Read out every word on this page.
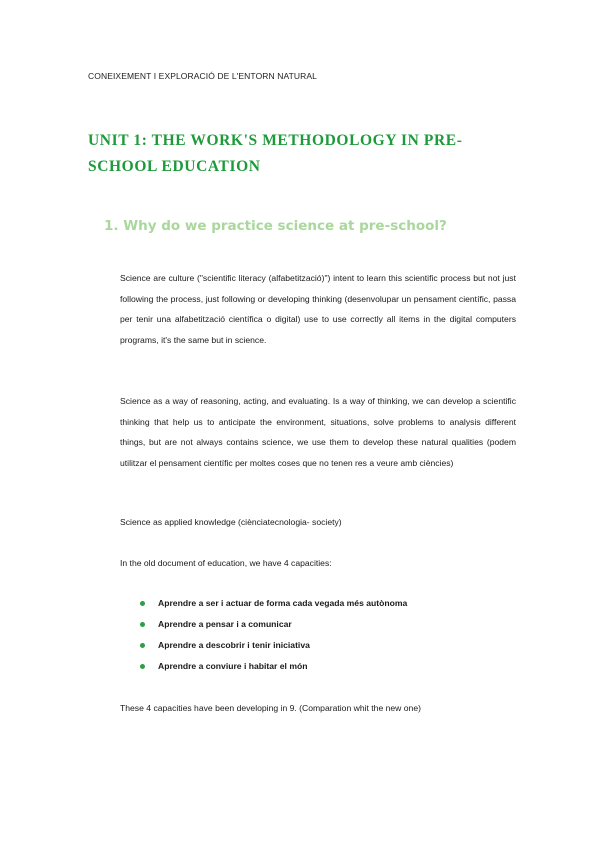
CONEIXEMENT I EXPLORACIÓ DE L'ENTORN NATURAL
UNIT 1: THE WORK'S METHODOLOGY IN PRE-SCHOOL EDUCATION
1. Why do we practice science at pre-school?

Science are culture ("scientific literacy (alfabetització)") intent to learn this scientific process but not just following the process, just following or developing thinking (desenvolupar un pensament científic, passa per tenir una alfabetització científica o digital) use to use correctly all items in the digital computers programs, it's the same but in science.

Science as a way of reasoning, acting, and evaluating. Is a way of thinking, we can develop a scientific thinking that help us to anticipate the environment, situations, solve problems to analysis different things, but are not always contains science, we use them to develop these natural qualities (podem utilitzar el pensament científic per moltes coses que no tenen res a veure amb ciències)

Science as applied knowledge (ciènciatecnologia- society)

In the old document of education, we have 4 capacities:

Aprendre a ser i actuar de forma cada vegada més autònoma
Aprendre a pensar i a comunicar
Aprendre a descobrir i tenir iniciativa
Aprendre a conviure i habitar el món

These 4 capacities have been developing in 9. (Comparation whit the new one)
